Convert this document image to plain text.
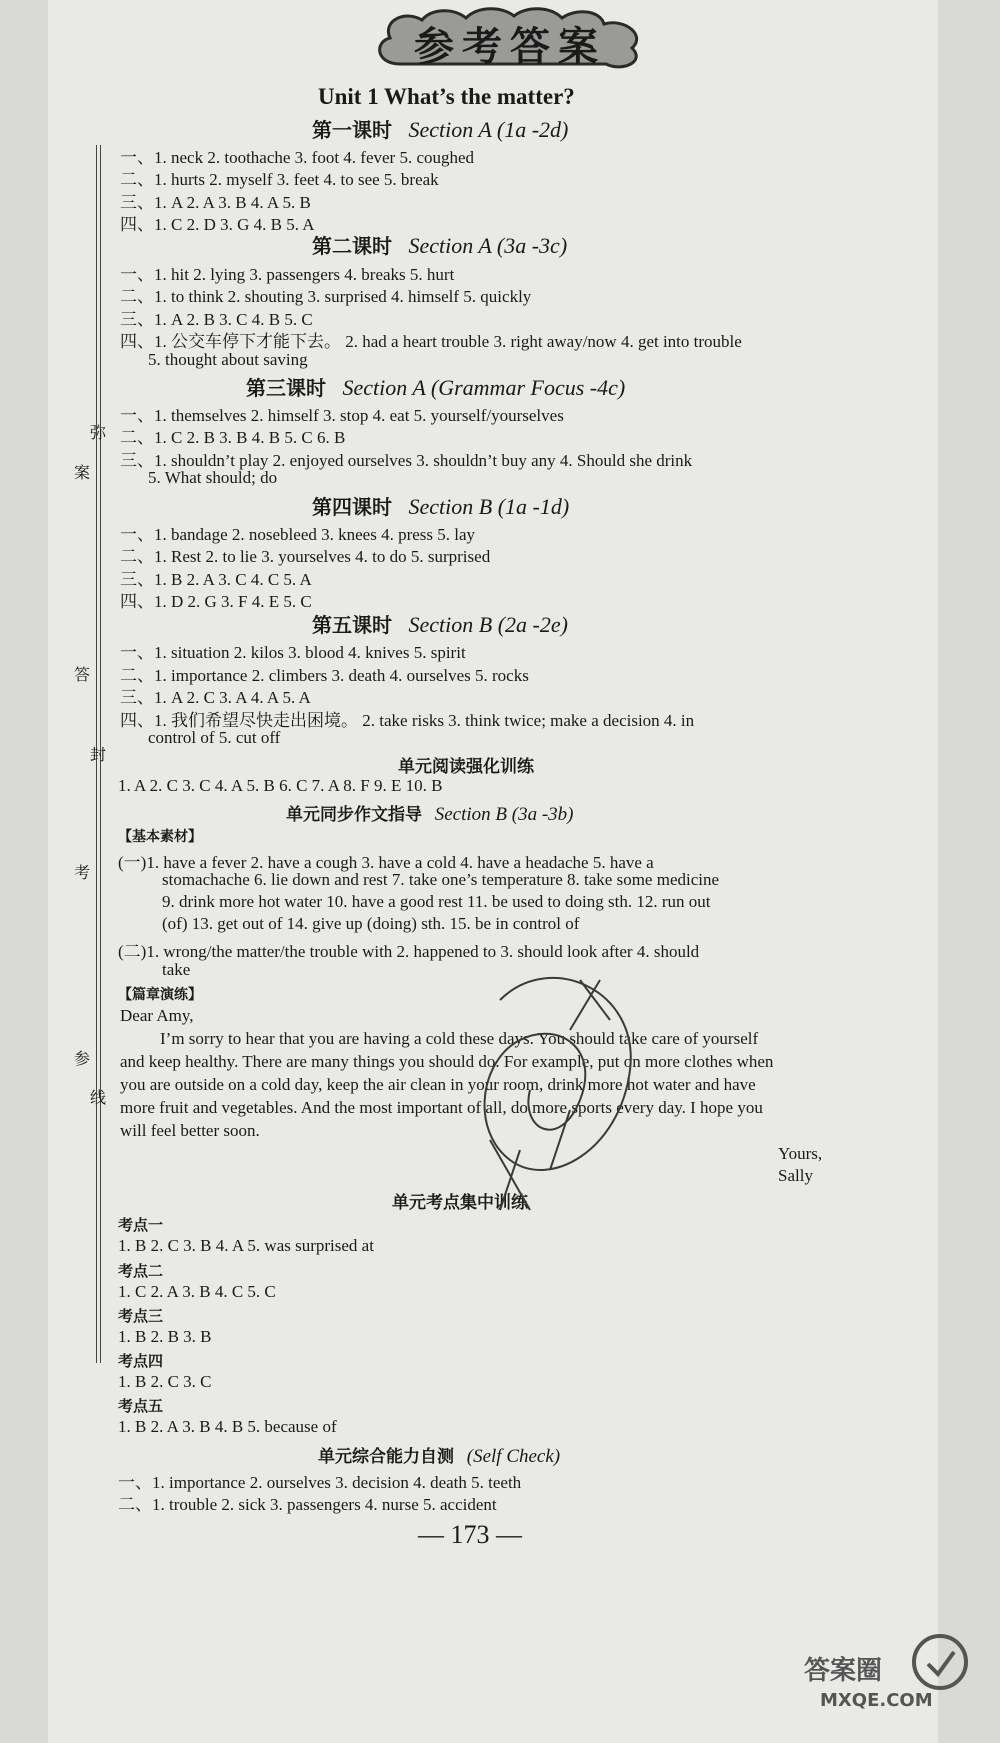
弥
案
答
封
考
参
线
参考答案
Unit 1 What’s the matter?
第一课时 Section A (1a -2d)
一、1. neck 2. toothache 3. foot 4. fever 5. coughed
二、1. hurts 2. myself 3. feet 4. to see 5. break
三、1. A 2. A 3. B 4. A 5. B
四、1. C 2. D 3. G 4. B 5. A
第二课时 Section A (3a -3c)
一、1. hit 2. lying 3. passengers 4. breaks 5. hurt
二、1. to think 2. shouting 3. surprised 4. himself 5. quickly
三、1. A 2. B 3. C 4. B 5. C
四、1. 公交车停下才能下去。 2. had a heart trouble 3. right away/now 4. get into trouble
5. thought about saving
第三课时 Section A (Grammar Focus -4c)
一、1. themselves 2. himself 3. stop 4. eat 5. yourself/yourselves
二、1. C 2. B 3. B 4. B 5. C 6. B
三、1. shouldn’t play 2. enjoyed ourselves 3. shouldn’t buy any 4. Should she drink
5. What should; do
第四课时 Section B (1a -1d)
一、1. bandage 2. nosebleed 3. knees 4. press 5. lay
二、1. Rest 2. to lie 3. yourselves 4. to do 5. surprised
三、1. B 2. A 3. C 4. C 5. A
四、1. D 2. G 3. F 4. E 5. C
第五课时 Section B (2a -2e)
一、1. situation 2. kilos 3. blood 4. knives 5. spirit
二、1. importance 2. climbers 3. death 4. ourselves 5. rocks
三、1. A 2. C 3. A 4. A 5. A
四、1. 我们希望尽快走出困境。 2. take risks 3. think twice; make a decision 4. in
control of 5. cut off
单元阅读强化训练
1. A 2. C 3. C 4. A 5. B 6. C 7. A 8. F 9. E 10. B
单元同步作文指导 Section B (3a -3b)
【基本素材】
(一)1. have a fever 2. have a cough 3. have a cold 4. have a headache 5. have a
stomachache 6. lie down and rest 7. take one’s temperature 8. take some medicine
9. drink more hot water 10. have a good rest 11. be used to doing sth. 12. run out
(of) 13. get out of 14. give up (doing) sth. 15. be in control of
(二)1. wrong/the matter/the trouble with 2. happened to 3. should look after 4. should
take
【篇章演练】
Dear Amy,
I’m sorry to hear that you are having a cold these days. You should take care of yourself
and keep healthy. There are many things you should do. For example, put on more clothes when
you are outside on a cold day, keep the air clean in your room, drink more hot water and have
more fruit and vegetables. And the most important of all, do more sports every day. I hope you
will feel better soon.
Yours,
Sally
单元考点集中训练
考点一
1. B 2. C 3. B 4. A 5. was surprised at
考点二
1. C 2. A 3. B 4. C 5. C
考点三
1. B 2. B 3. B
考点四
1. B 2. C 3. C
考点五
1. B 2. A 3. B 4. B 5. because of
单元综合能力自测 (Self Check)
一、1. importance 2. ourselves 3. decision 4. death 5. teeth
二、1. trouble 2. sick 3. passengers 4. nurse 5. accident
— 173 —
答案圈
MXQE.COM
